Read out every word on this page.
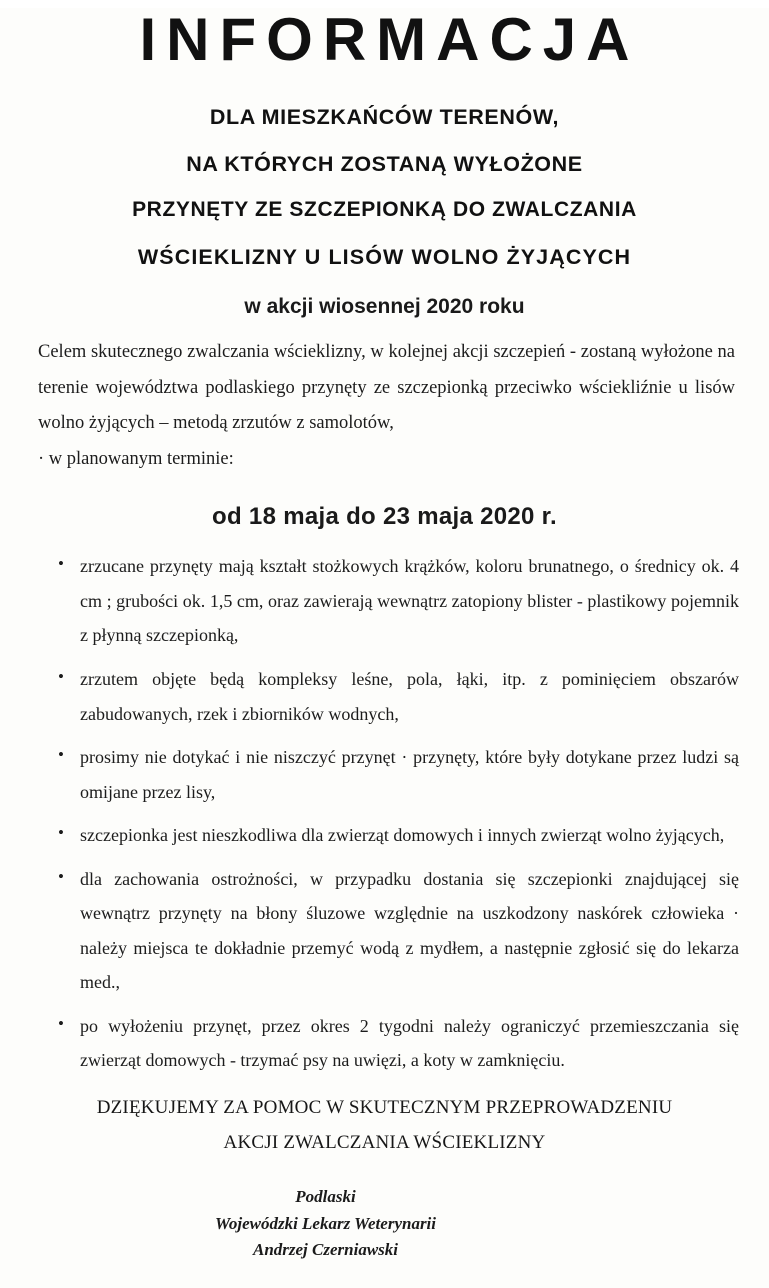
INFORMACJA
DLA MIESZKAŃCÓW TERENÓW,
NA KTÓRYCH ZOSTANĄ WYŁOŻONE
PRZYNĘTY ZE SZCZEPIONKĄ DO ZWALCZANIA
WŚCIEKLIZNY U LISÓW WOLNO ŻYJĄCYCH
w akcji wiosennej 2020 roku

Celem skutecznego zwalczania wścieklizny, w kolejnej akcji szczepień - zostaną wyłożone na terenie województwa podlaskiego przynęty ze szczepionką przeciwko wściekliźnie u lisów wolno żyjących – metodą zrzutów z samolotów,

· w planowanym terminie:

od 18 maja do 23 maja 2020 r.
• zrzucane przynęty mają kształt stożkowych krążków, koloru brunatnego, o średnicy ok. 4 cm ; grubości ok. 1,5 cm, oraz zawierają wewnątrz zatopiony blister - plastikowy pojemnik z płynną szczepionką,
• zrzutem objęte będą kompleksy leśne, pola, łąki, itp. z pominięciem obszarów zabudowanych, rzek i zbiorników wodnych,
• prosimy nie dotykać i nie niszczyć przynęt · przynęty, które były dotykane przez ludzi są omijane przez lisy,
• szczepionka jest nieszkodliwa dla zwierząt domowych i innych zwierząt wolno żyjących,
• dla zachowania ostrożności, w przypadku dostania się szczepionki znajdującej się wewnątrz przynęty na błony śluzowe względnie na uszkodzony naskórek człowieka · należy miejsca te dokładnie przemyć wodą z mydłem, a następnie zgłosić się do lekarza med.,
• po wyłożeniu przynęt, przez okres 2 tygodni należy ograniczyć przemieszczania się zwierząt domowych - trzymać psy na uwięzi, a koty w zamknięciu.
DZIĘKUJEMY ZA POMOC W SKUTECZNYM PRZEPROWADZENIU
AKCJI ZWALCZANIA WŚCIEKLIZNY
Podlaski
Wojewódzki Lekarz Weterynarii
Andrzej Czerniawski
